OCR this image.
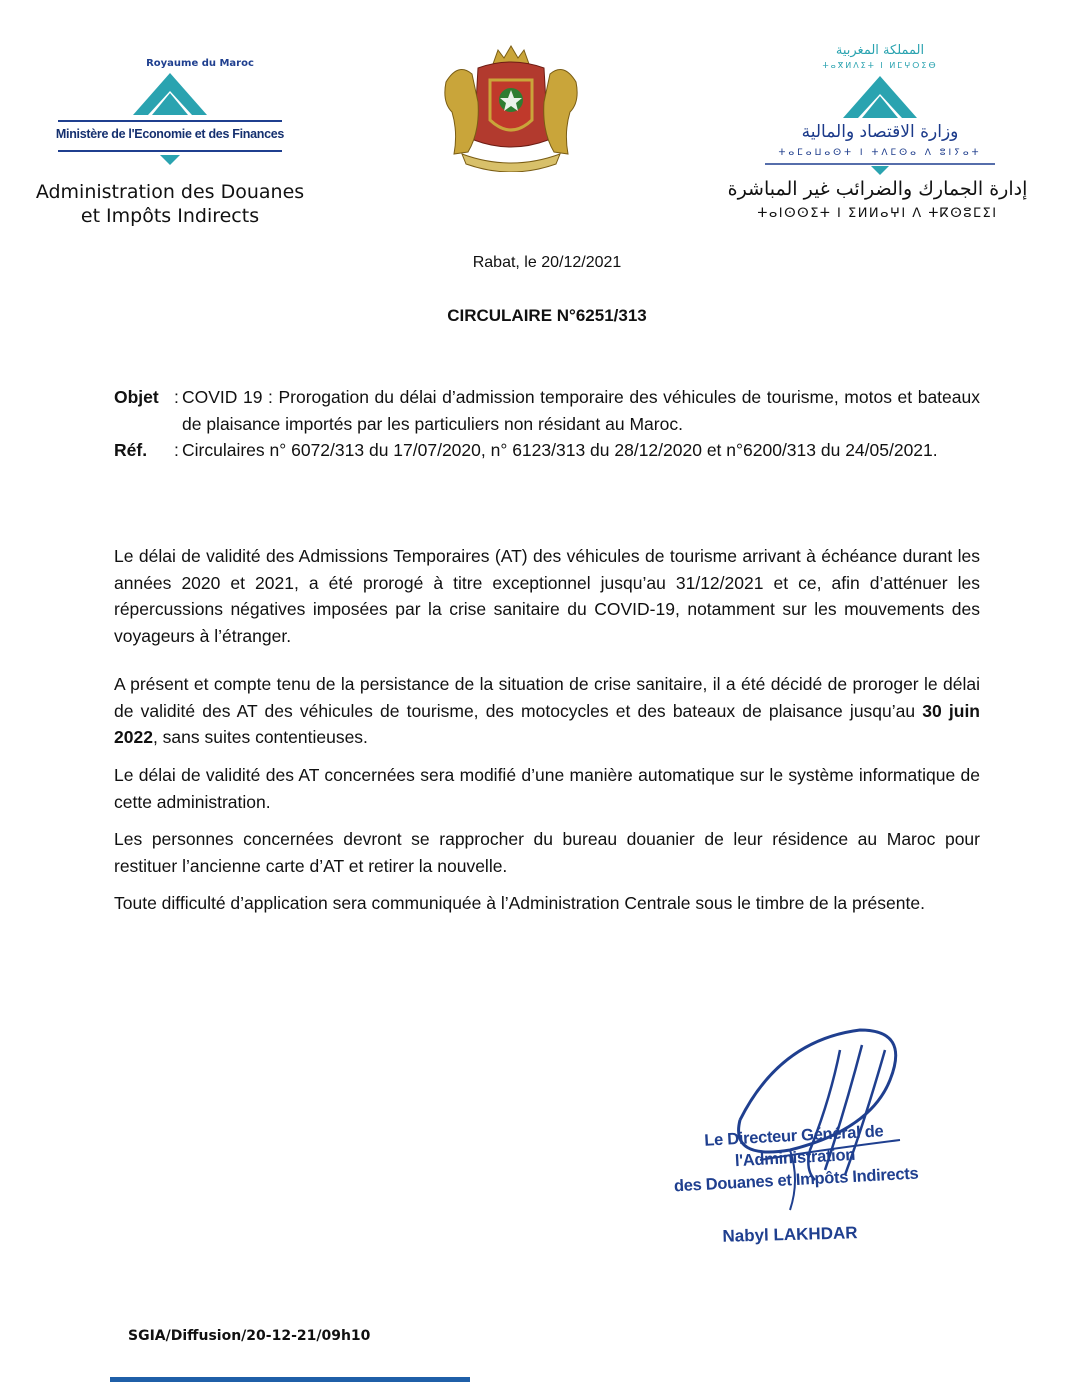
Royaume du Maroc
Ministère de l'Economie et des Finances
Administration des Douanes
et Impôts Indirects
المملكة المغربية
ⵜⴰⴳⵍⴷⵉⵜ ⵏ ⵍⵎⵖⵔⵉⴱ
وزارة الاقتصاد والمالية
ⵜⴰⵎⴰⵡⴰⵙⵜ ⵏ ⵜⴷⵎⵙⴰ ⴷ ⵓⵏⵢⴰⵜ
إدارة الجمارك والضرائب غير المباشرة
ⵜⴰⵏⵙⵙⵉⵜ ⵏ ⵉⵍⵍⴰⵖⵏ ⴷ ⵜⴽⵙⵓⵎⵉⵏ
Rabat, le 20/12/2021
CIRCULAIRE N°6251/313
Objet : COVID 19 : Prorogation du délai d’admission temporaire des véhicules de tourisme, motos et bateaux de plaisance importés par les particuliers non résidant au Maroc.
Réf.	: Circulaires n° 6072/313 du 17/07/2020, n° 6123/313 du 28/12/2020 et n°6200/313 du 24/05/2021.

Le délai de validité des Admissions Temporaires (AT) des véhicules de tourisme arrivant à échéance durant les années 2020 et 2021, a été prorogé à titre exceptionnel jusqu’au 31/12/2021 et ce, afin d’atténuer les répercussions négatives imposées par la crise sanitaire du COVID-19, notamment sur les mouvements des voyageurs à l’étranger.

A présent et compte tenu de la persistance de la situation de crise sanitaire, il a été décidé de proroger le délai de validité des AT des véhicules de tourisme, des motocycles et des bateaux de plaisance jusqu’au 30 juin 2022, sans suites contentieuses.

Le délai de validité des AT concernées sera modifié d’une manière automatique sur le système informatique de cette administration.

Les personnes concernées devront se rapprocher du bureau douanier de leur résidence au Maroc pour restituer l’ancienne carte d’AT et retirer la nouvelle.

Toute difficulté d’application sera communiquée à l’Administration Centrale sous le timbre de la présente.

Le Directeur Général de l'Administration
des Douanes et Impôts Indirects
Nabyl LAKHDAR
SGIA/Diffusion/20-12-21/09h10
